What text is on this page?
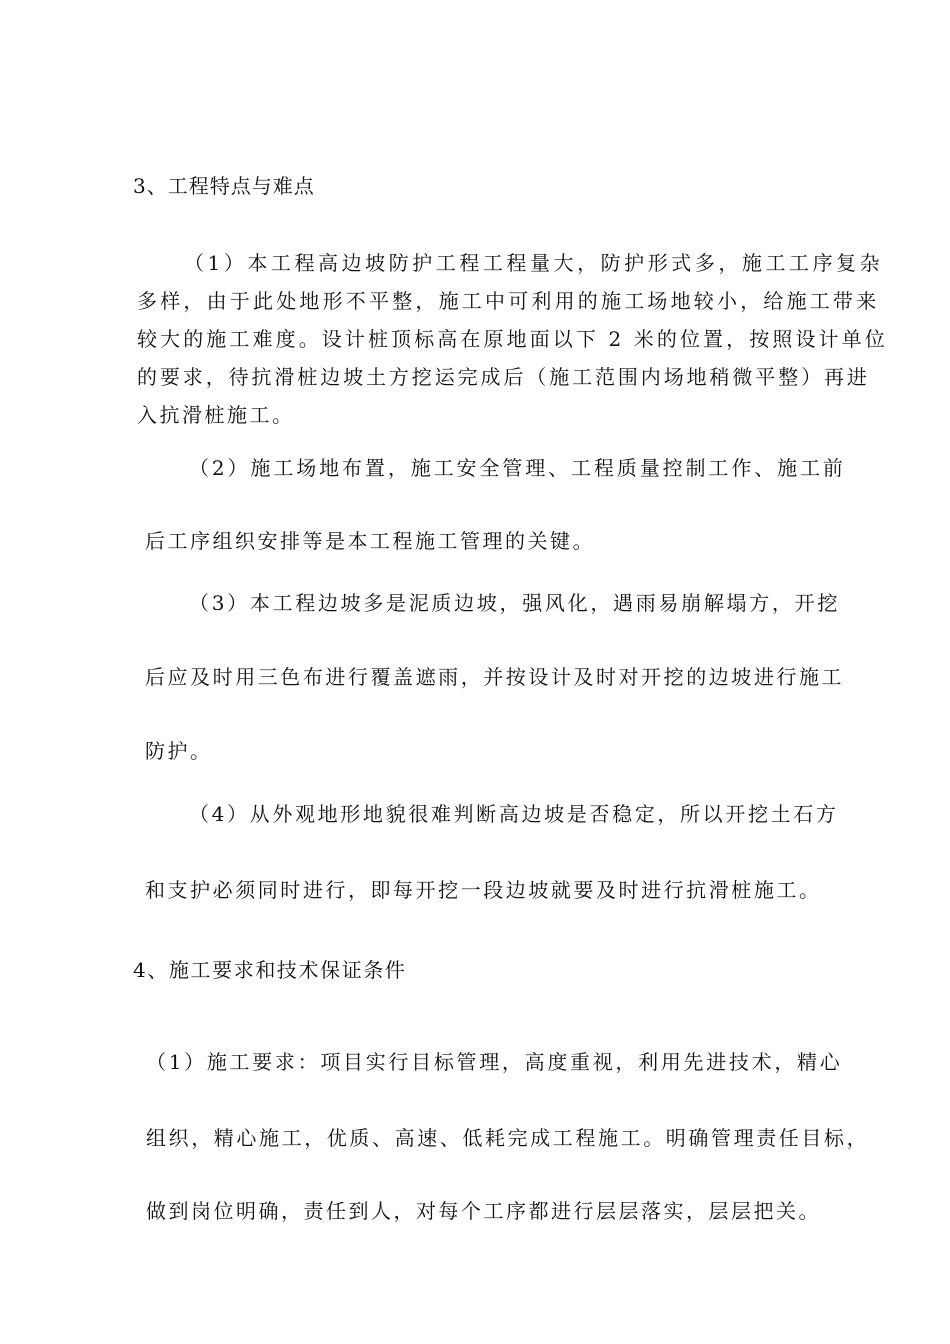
3、工程特点与难点
（1）本工程高边坡防护工程工程量大，防护形式多，施工工序复杂
多样，由于此处地形不平整，施工中可利用的施工场地较小，给施工带来
较大的施工难度。设计桩顶标高在原地面以下 2 米的位置，按照设计单位
的要求，待抗滑桩边坡土方挖运完成后（施工范围内场地稍微平整）再进
入抗滑桩施工。
（2）施工场地布置，施工安全管理、工程质量控制工作、施工前
后工序组织安排等是本工程施工管理的关键。
（3）本工程边坡多是泥质边坡，强风化，遇雨易崩解塌方，开挖
后应及时用三色布进行覆盖遮雨，并按设计及时对开挖的边坡进行施工
防护。
（4）从外观地形地貌很难判断高边坡是否稳定，所以开挖土石方
和支护必须同时进行，即每开挖一段边坡就要及时进行抗滑桩施工。
4、施工要求和技术保证条件
（1）施工要求：项目实行目标管理，高度重视，利用先进技术，精心
组织，精心施工，优质、高速、低耗完成工程施工。明确管理责任目标，
做到岗位明确，责任到人，对每个工序都进行层层落实，层层把关。
